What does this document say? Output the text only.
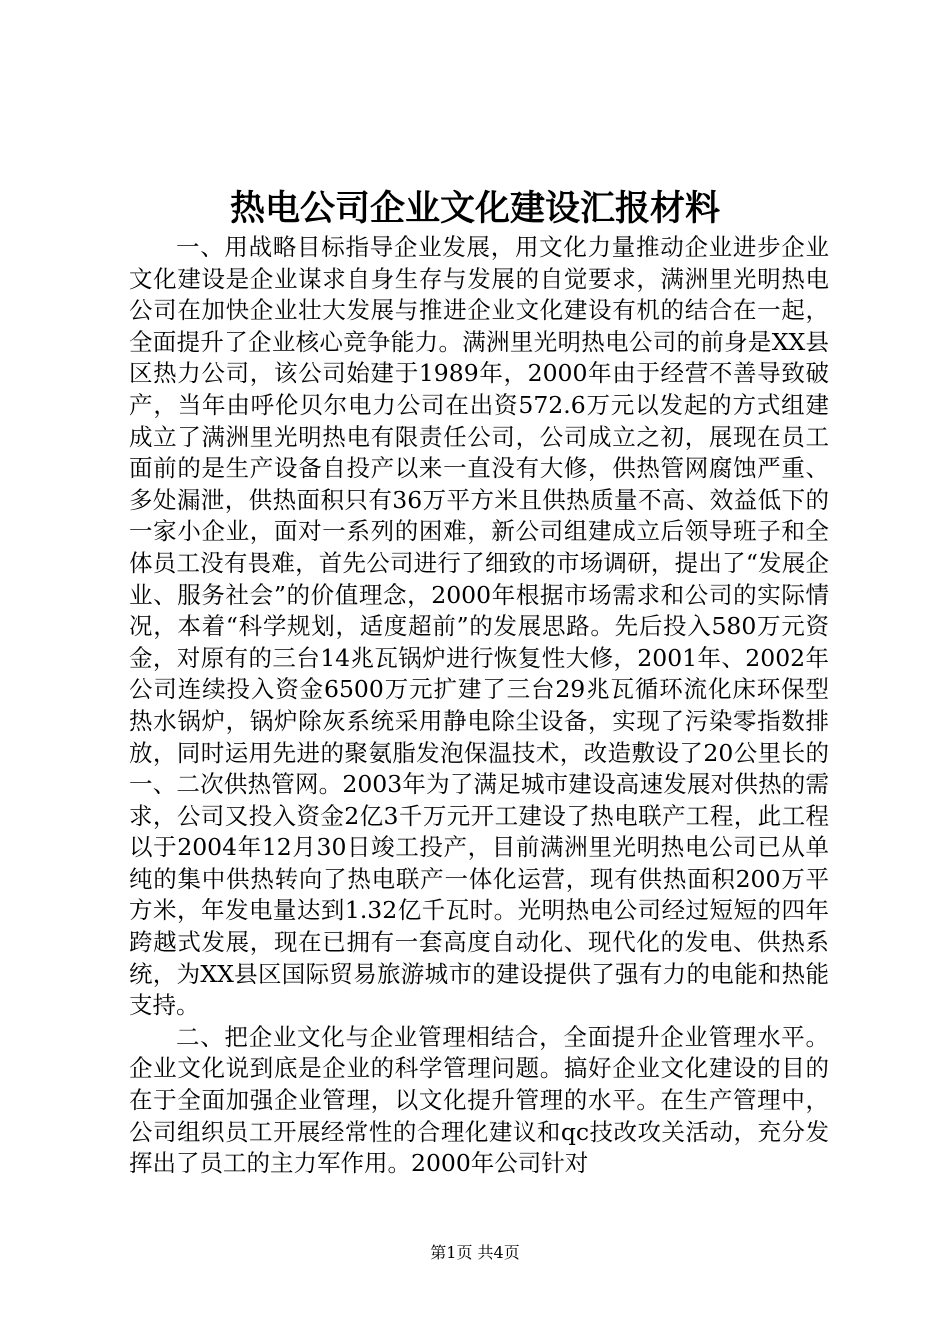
热电公司企业文化建设汇报材料

一、用战略目标指导企业发展，用文化力量推动企业进步企业文化建设是企业谋求自身生存与发展的自觉要求，满洲里光明热电公司在加快企业壮大发展与推进企业文化建设有机的结合在一起，全面提升了企业核心竞争能力。满洲里光明热电公司的前身是XX县区热力公司，该公司始建于1989年，2000年由于经营不善导致破产，当年由呼伦贝尔电力公司在出资572.6万元以发起的方式组建成立了满洲里光明热电有限责任公司，公司成立之初，展现在员工面前的是生产设备自投产以来一直没有大修，供热管网腐蚀严重、多处漏泄，供热面积只有36万平方米且供热质量不高、效益低下的一家小企业，面对一系列的困难，新公司组建成立后领导班子和全体员工没有畏难，首先公司进行了细致的市场调研，提出了“发展企业、服务社会”的价值理念，2000年根据市场需求和公司的实际情况，本着“科学规划，适度超前”的发展思路。先后投入580万元资金，对原有的三台14兆瓦锅炉进行恢复性大修，2001年、2002年公司连续投入资金6500万元扩建了三台29兆瓦循环流化床环保型热水锅炉，锅炉除灰系统采用静电除尘设备，实现了污染零指数排放，同时运用先进的聚氨脂发泡保温技术，改造敷设了20公里长的一、二次供热管网。2003年为了满足城市建设高速发展对供热的需求，公司又投入资金2亿3千万元开工建设了热电联产工程，此工程以于2004年12月30日竣工投产，目前满洲里光明热电公司已从单纯的集中供热转向了热电联产一体化运营，现有供热面积200万平方米，年发电量达到1.32亿千瓦时。光明热电公司经过短短的四年跨越式发展，现在已拥有一套高度自动化、现代化的发电、供热系统，为XX县区国际贸易旅游城市的建设提供了强有力的电能和热能支持。

二、把企业文化与企业管理相结合，全面提升企业管理水平。企业文化说到底是企业的科学管理问题。搞好企业文化建设的目的在于全面加强企业管理，以文化提升管理的水平。在生产管理中，公司组织员工开展经常性的合理化建议和qc技改攻关活动，充分发挥出了员工的主力军作用。2000年公司针对

第1页 共4页
